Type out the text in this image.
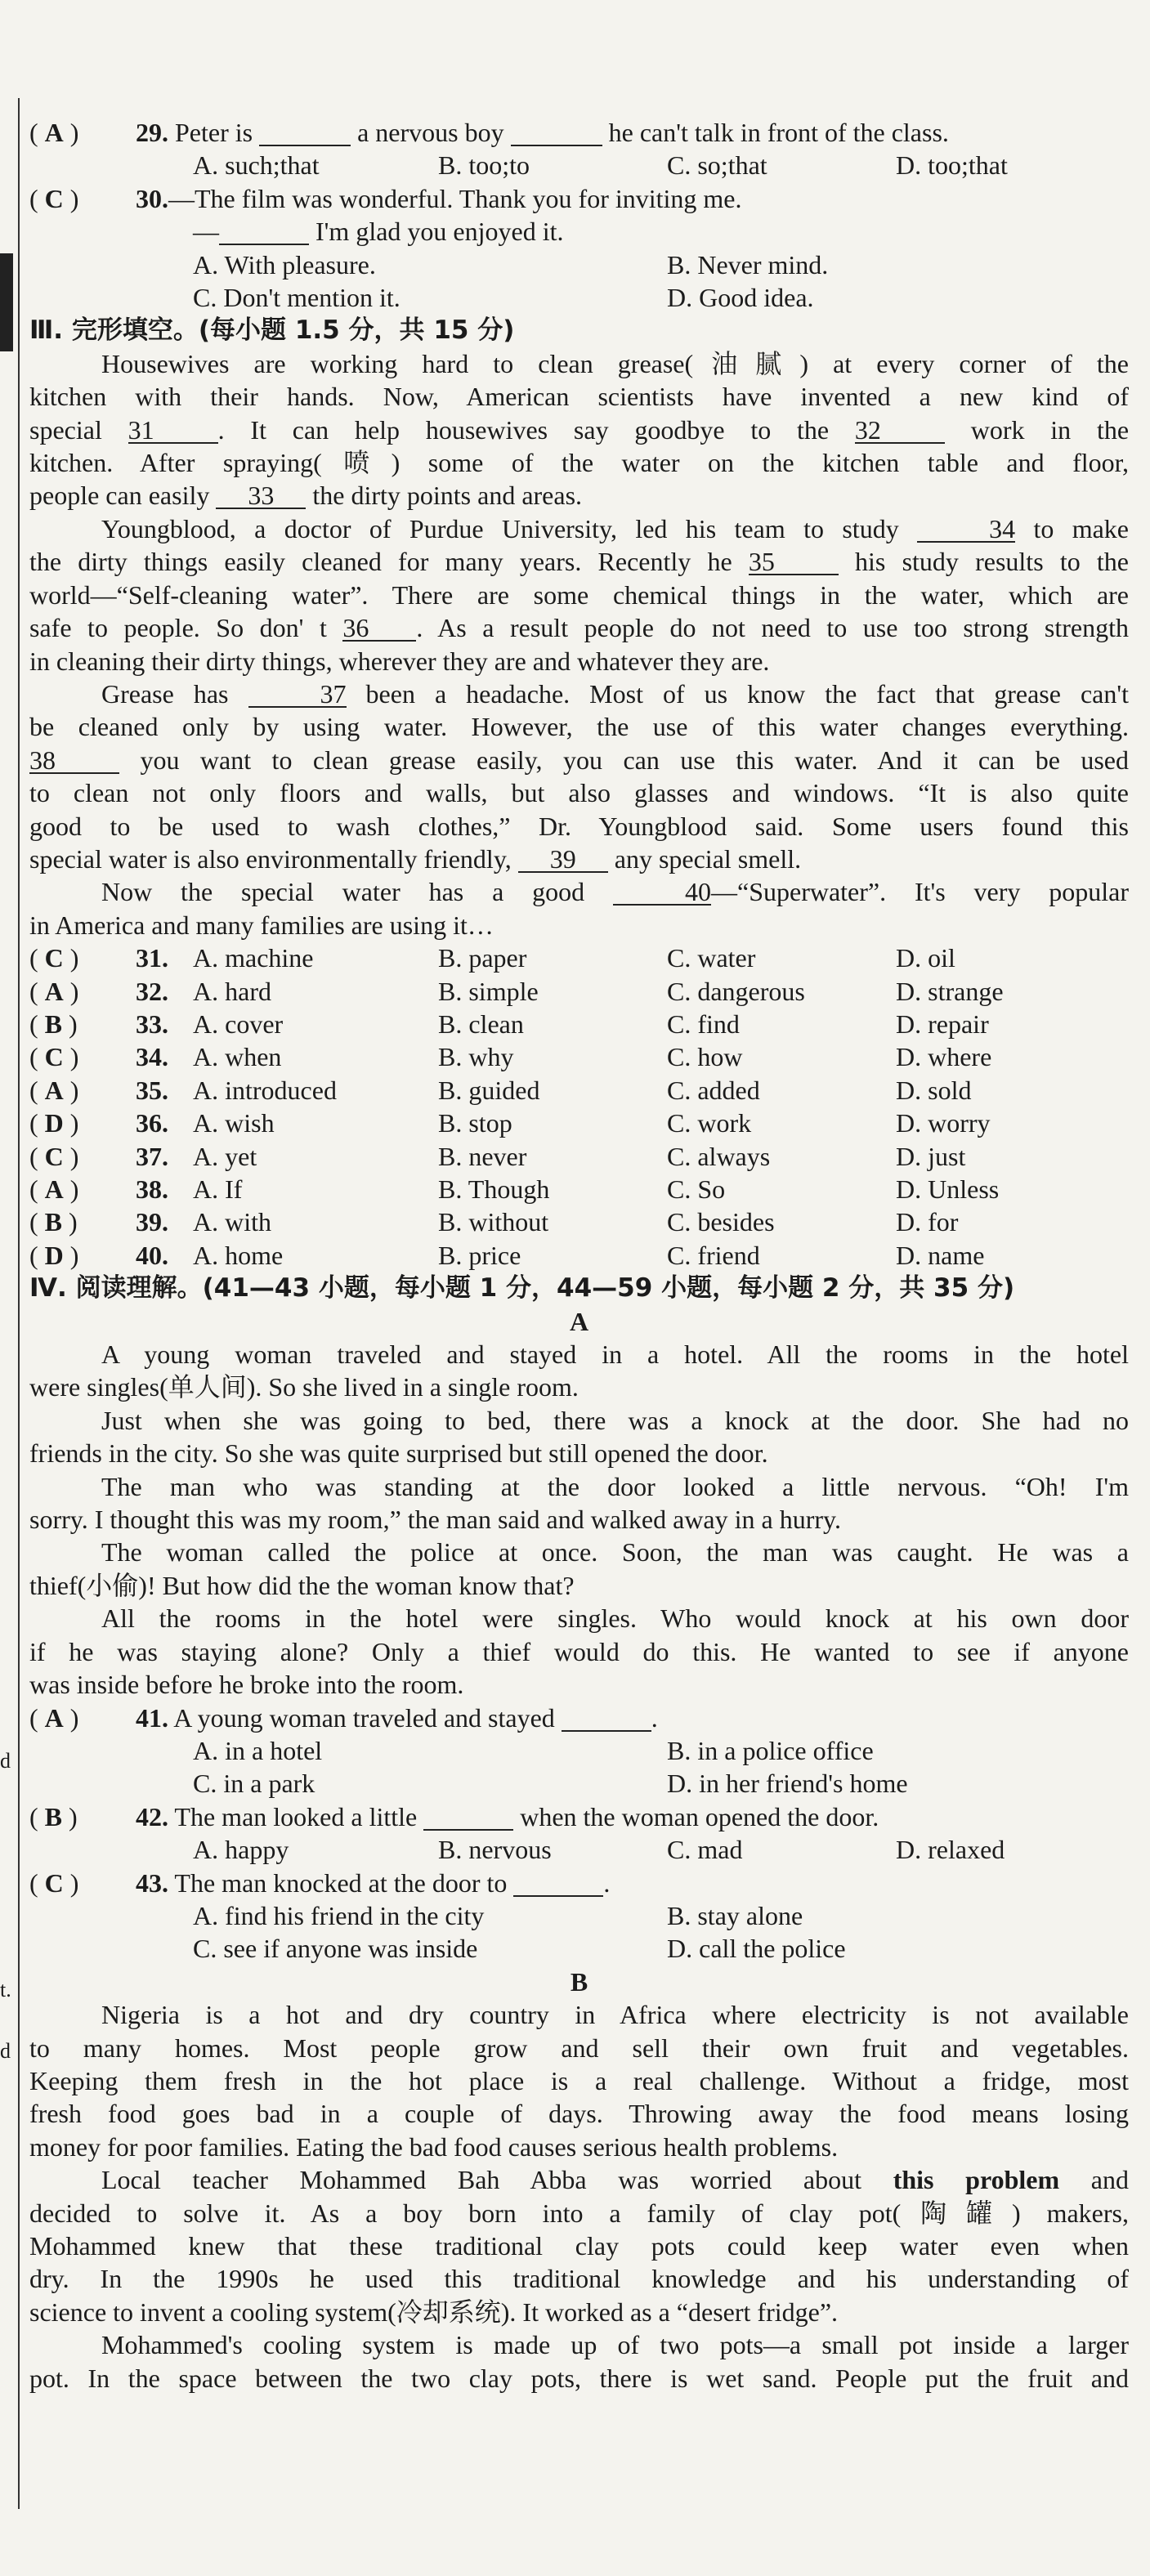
d
t.
d
( A ) 29. Peter is	a nervous boy	he can't talk in front of the class.

A. such;that	B. too;to	C. so;that	D. too;that
( C ) 30.—The film was wonderful. Thank you for inviting me.
—	I'm glad you enjoyed it.

A. With pleasure.	B. Never mind.

C. Don't mention it.	D. Good idea.
Ⅲ. 完形填空。(每小题 1.5 分，共 15 分)
Housewives are working hard to clean grease(油腻) at every corner of the
kitchen with their hands. Now, American scientists have invented a new kind of
special 31 . It can help housewives say goodbye to the 32	work in the
kitchen. After spraying(喷) some of the water on the kitchen table and floor,
people can easily 33 the dirty points and areas.
Youngblood, a doctor of Purdue University, led his team to study	34 to make
the dirty things easily cleaned for many years. Recently he 35	his study results to the
world—“Self-cleaning water”. There are some chemical things in the water, which are
safe to people. So don' t 36 . As a result people do not need to use too strong strength
in cleaning their dirty things, wherever they are and whatever they are.
Grease has	37 been a headache. Most of us know the fact that grease can't
be cleaned only by using water. However, the use of this water changes everything.
38	you want to clean grease easily, you can use this water. And it can be used
to clean not only floors and walls, but also glasses and windows. “It is also quite
good to be used to wash clothes,” Dr. Youngblood said. Some users found this
special water is also environmentally friendly, 39 any special smell.
Now the special water has a good	40—“Superwater”. It's very popular
in America and many families are using it…
( C ) 31. A. machine	B. paper	C. water	D. oil
( A ) 32. A. hard	B. simple	C. dangerous	D. strange
( B ) 33. A. cover	B. clean	C. find	D. repair
( C ) 34. A. when	B. why	C. how	D. where
( A ) 35. A. introduced	B. guided	C. added	D. sold
( D ) 36. A. wish	B. stop	C. work	D. worry
( C ) 37. A. yet	B. never	C. always	D. just
( A ) 38. A. If	B. Though	C. So	D. Unless
( B ) 39. A. with	B. without	C. besides	D. for
( D ) 40. A. home	B. price	C. friend	D. name
Ⅳ. 阅读理解。(41—43 小题，每小题 1 分，44—59 小题，每小题 2 分，共 35 分)
A
A young woman traveled and stayed in a hotel. All the rooms in the hotel
were singles(单人间). So she lived in a single room.
Just when she was going to bed, there was a knock at the door. She had no
friends in the city. So she was quite surprised but still opened the door.
The man who was standing at the door looked a little nervous. “Oh! I'm
sorry. I thought this was my room,” the man said and walked away in a hurry.
The woman called the police at once. Soon, the man was caught. He was a
thief(小偷)! But how did the the woman know that?
All the rooms in the hotel were singles. Who would knock at his own door
if he was staying alone? Only a thief would do this. He wanted to see if anyone
was inside before he broke into the room.
( A ) 41. A young woman traveled and stayed	.

A. in a hotel	B. in a police office

C. in a park	D. in her friend's home
( B ) 42. The man looked a little	when the woman opened the door.

A. happy	B. nervous	C. mad	D. relaxed
( C ) 43. The man knocked at the door to	.

A. find his friend in the city	B. stay alone

C. see if anyone was inside	D. call the police
B
Nigeria is a hot and dry country in Africa where electricity is not available
to many homes. Most people grow and sell their own fruit and vegetables.
Keeping them fresh in the hot place is a real challenge. Without a fridge, most
fresh food goes bad in a couple of days. Throwing away the food means losing
money for poor families. Eating the bad food causes serious health problems.
Local teacher Mohammed Bah Abba was worried about this problem and
decided to solve it. As a boy born into a family of clay pot(陶罐) makers,
Mohammed knew that these traditional clay pots could keep water even when
dry. In the 1990s he used this traditional knowledge and his understanding of
science to invent a cooling system(冷却系统). It worked as a “desert fridge”.
Mohammed's cooling system is made up of two pots—a small pot inside a larger
pot. In the space between the two clay pots, there is wet sand. People put the fruit and
